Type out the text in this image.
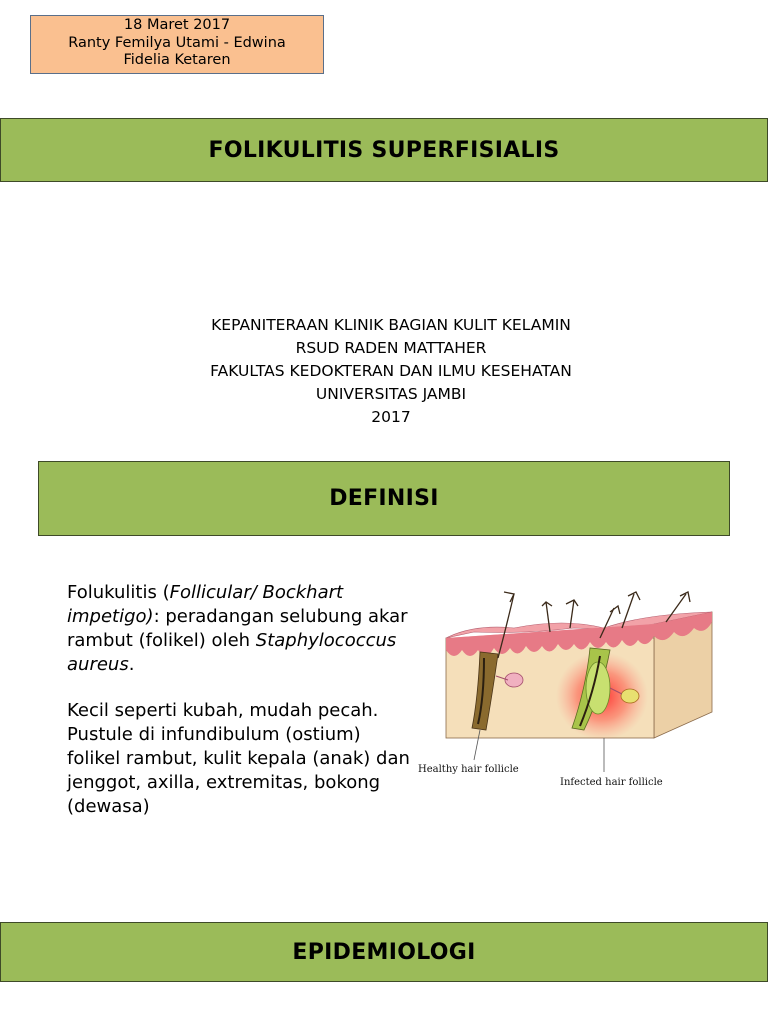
18 Maret 2017
Ranty Femilya Utami - Edwina
Fidelia Ketaren
FOLIKULITIS SUPERFISIALIS
KEPANITERAAN KLINIK BAGIAN KULIT KELAMIN
RSUD RADEN MATTAHER
FAKULTAS KEDOKTERAN DAN ILMU KESEHATAN
UNIVERSITAS JAMBI
2017
DEFINISI

Folukulitis (Follicular/ Bockhart impetigo): peradangan selubung akar rambut (folikel) oleh Staphylococcus aureus.

Kecil seperti kubah, mudah pecah. Pustule di infundibulum (ostium) folikel rambut, kulit kepala (anak) dan jenggot, axilla, extremitas, bokong (dewasa)

Healthy hair follicle
Infected hair follicle
EPIDEMIOLOGI
